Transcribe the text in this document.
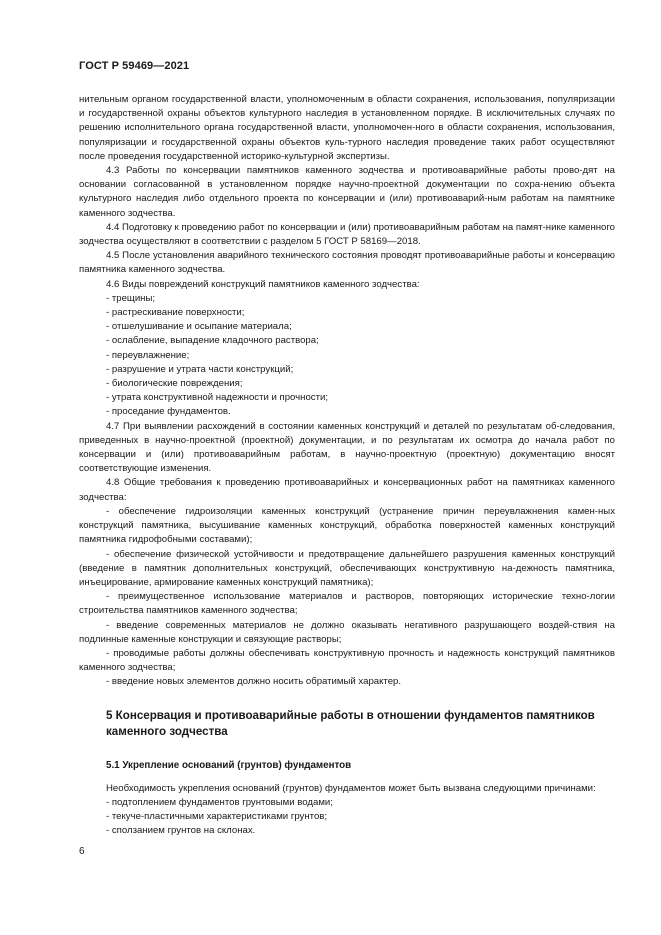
ГОСТ Р 59469—2021
нительным органом государственной власти, уполномоченным в области сохранения, использования, популяризации и государственной охраны объектов культурного наследия в установленном порядке. В исключительных случаях по решению исполнительного органа государственной власти, уполномочен-ного в области сохранения, использования, популяризации и государственной охраны объектов куль-турного наследия проведение таких работ осуществляют после проведения государственной историко-культурной экспертизы.
4.3 Работы по консервации памятников каменного зодчества и противоаварийные работы прово-дят на основании согласованной в установленном порядке научно-проектной документации по сохра-нению объекта культурного наследия либо отдельного проекта по консервации и (или) противоаварий-ным работам на памятнике каменного зодчества.
4.4 Подготовку к проведению работ по консервации и (или) противоаварийным работам на памят-нике каменного зодчества осуществляют в соответствии с разделом 5 ГОСТ Р 58169—2018.
4.5 После установления аварийного технического состояния проводят противоаварийные работы и консервацию памятника каменного зодчества.
4.6 Виды повреждений конструкций памятников каменного зодчества:
- трещины;
- растрескивание поверхности;
- отшелушивание и осыпание материала;
- ослабление, выпадение кладочного раствора;
- переувлажнение;
- разрушение и утрата части конструкций;
- биологические повреждения;
- утрата конструктивной надежности и прочности;
- проседание фундаментов.
4.7 При выявлении расхождений в состоянии каменных конструкций и деталей по результатам об-следования, приведенных в научно-проектной (проектной) документации, и по результатам их осмотра до начала работ по консервации и (или) противоаварийным работам, в научно-проектную (проектную) документацию вносят соответствующие изменения.
4.8 Общие требования к проведению противоаварийных и консервационных работ на памятниках каменного зодчества:
- обеспечение гидроизоляции каменных конструкций (устранение причин переувлажнения камен-ных конструкций памятника, высушивание каменных конструкций, обработка поверхностей каменных конструкций памятника гидрофобными составами);
- обеспечение физической устойчивости и предотвращение дальнейшего разрушения каменных конструкций (введение в памятник дополнительных конструкций, обеспечивающих конструктивную на-дежность памятника, инъецирование, армирование каменных конструкций памятника);
- преимущественное использование материалов и растворов, повторяющих исторические техно-логии строительства памятников каменного зодчества;
- введение современных материалов не должно оказывать негативного разрушающего воздей-ствия на подлинные каменные конструкции и связующие растворы;
- проводимые работы должны обеспечивать конструктивную прочность и надежность конструкций памятников каменного зодчества;
- введение новых элементов должно носить обратимый характер.
5 Консервация и противоаварийные работы в отношении фундаментов памятников каменного зодчества
5.1 Укрепление оснований (грунтов) фундаментов
Необходимость укрепления оснований (грунтов) фундаментов может быть вызвана следующими причинами:
- подтоплением фундаментов грунтовыми водами;
- текуче-пластичными характеристиками грунтов;
- сползанием грунтов на склонах.
6
